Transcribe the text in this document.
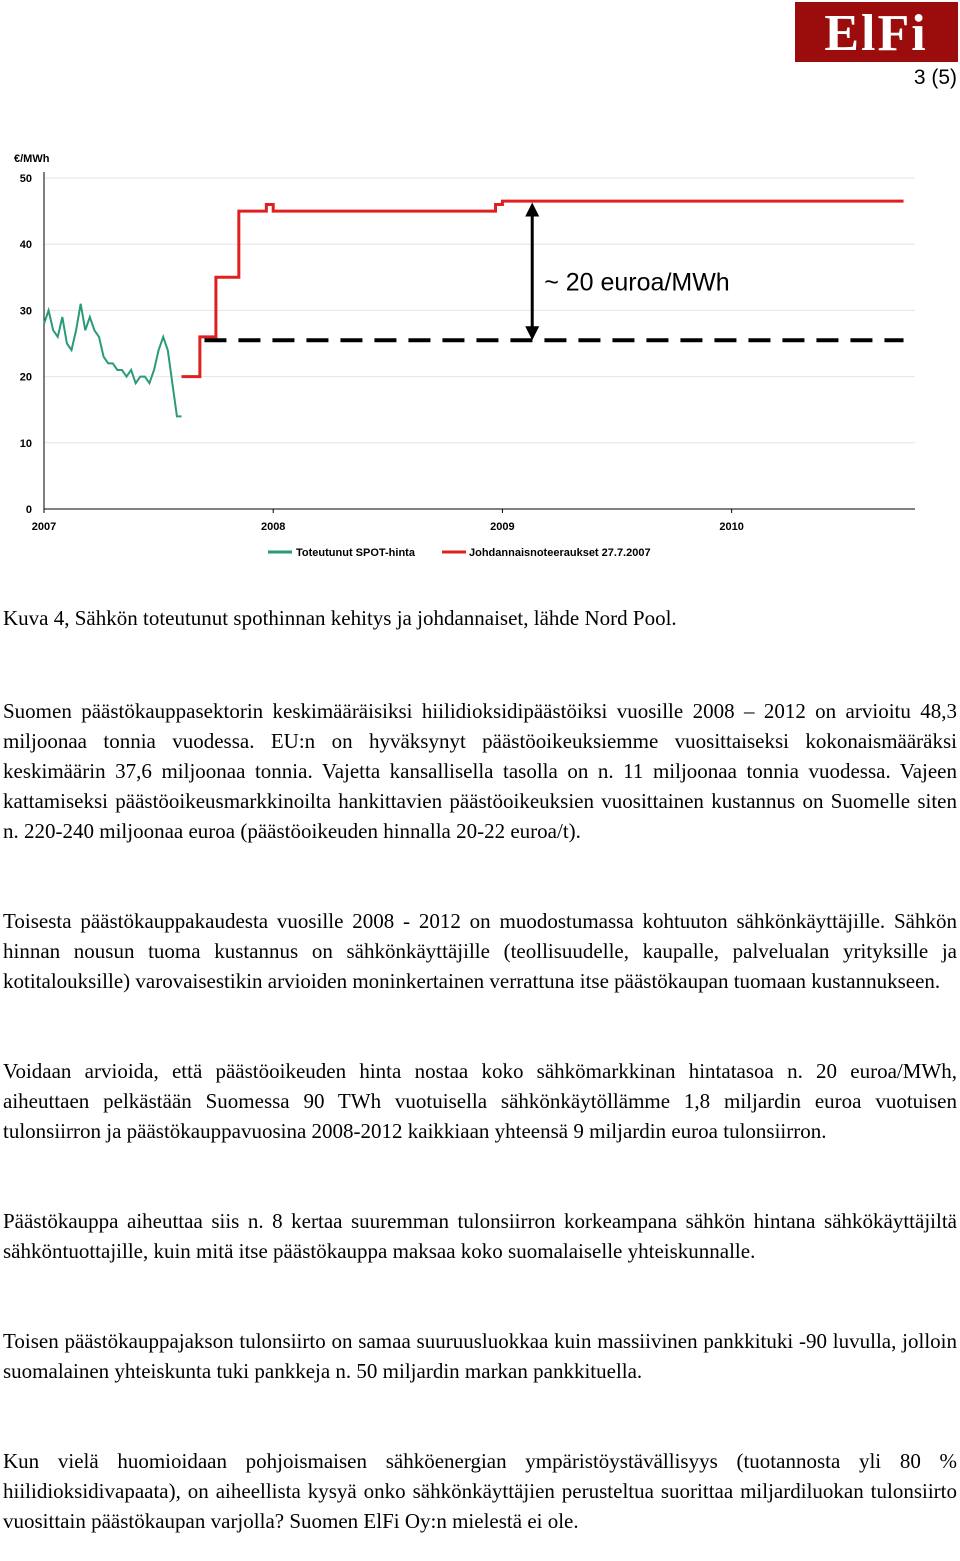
ElFi
3 (5)
0
10
20
30
40
50
€/MWh
2007	2008	2009	2010
~ 20 euroa/MWh
Toteutunut SPOT-hinta	Johdannaisnoteeraukset 27.7.2007
Kuva 4, Sähkön toteutunut spothinnan kehitys ja johdannaiset, lähde Nord Pool.

Suomen päästökauppasektorin keskimääräisiksi hiilidioksidipäästöiksi vuosille 2008 – 2012 on arvioitu 48,3 miljoonaa tonnia vuodessa. EU:n on hyväksynyt päästöoikeuksiemme vuosittaiseksi kokonaismääräksi keskimäärin 37,6 miljoonaa tonnia. Vajetta kansallisella tasolla on n. 11 miljoonaa tonnia vuodessa. Vajeen kattamiseksi päästöoikeusmarkkinoilta hankittavien päästöoikeuksien vuosittainen kustannus on Suomelle siten n. 220-240 miljoonaa euroa (päästöoikeuden hinnalla 20-22 euroa/t).

Toisesta päästökauppakaudesta vuosille 2008 - 2012 on muodostumassa kohtuuton sähkönkäyttäjille. Sähkön hinnan nousun tuoma kustannus on sähkönkäyttäjille (teollisuudelle, kaupalle, palvelualan yrityksille ja kotitalouksille) varovaisestikin arvioiden moninkertainen verrattuna itse päästökaupan tuomaan kustannukseen.

Voidaan arvioida, että päästöoikeuden hinta nostaa koko sähkömarkkinan hintatasoa n. 20 euroa/MWh, aiheuttaen pelkästään Suomessa 90 TWh vuotuisella sähkönkäytöllämme 1,8 miljardin euroa vuotuisen tulonsiirron ja päästökauppavuosina 2008-2012 kaikkiaan yhteensä 9 miljardin euroa tulonsiirron.

Päästökauppa aiheuttaa siis n. 8 kertaa suuremman tulonsiirron korkeampana sähkön hintana sähkökäyttäjiltä sähköntuottajille, kuin mitä itse päästökauppa maksaa koko suomalaiselle yhteiskunnalle.

Toisen päästökauppajakson tulonsiirto on samaa suuruusluokkaa kuin massiivinen pankkituki -90 luvulla, jolloin suomalainen yhteiskunta tuki pankkeja n. 50 miljardin markan pankkituella.

Kun vielä huomioidaan pohjoismaisen sähköenergian ympäristöystävällisyys (tuotannosta yli 80 % hiilidioksidivapaata), on aiheellista kysyä onko sähkönkäyttäjien perusteltua suorittaa miljardiluokan tulonsiirto vuosittain päästökaupan varjolla? Suomen ElFi Oy:n mielestä ei ole.
